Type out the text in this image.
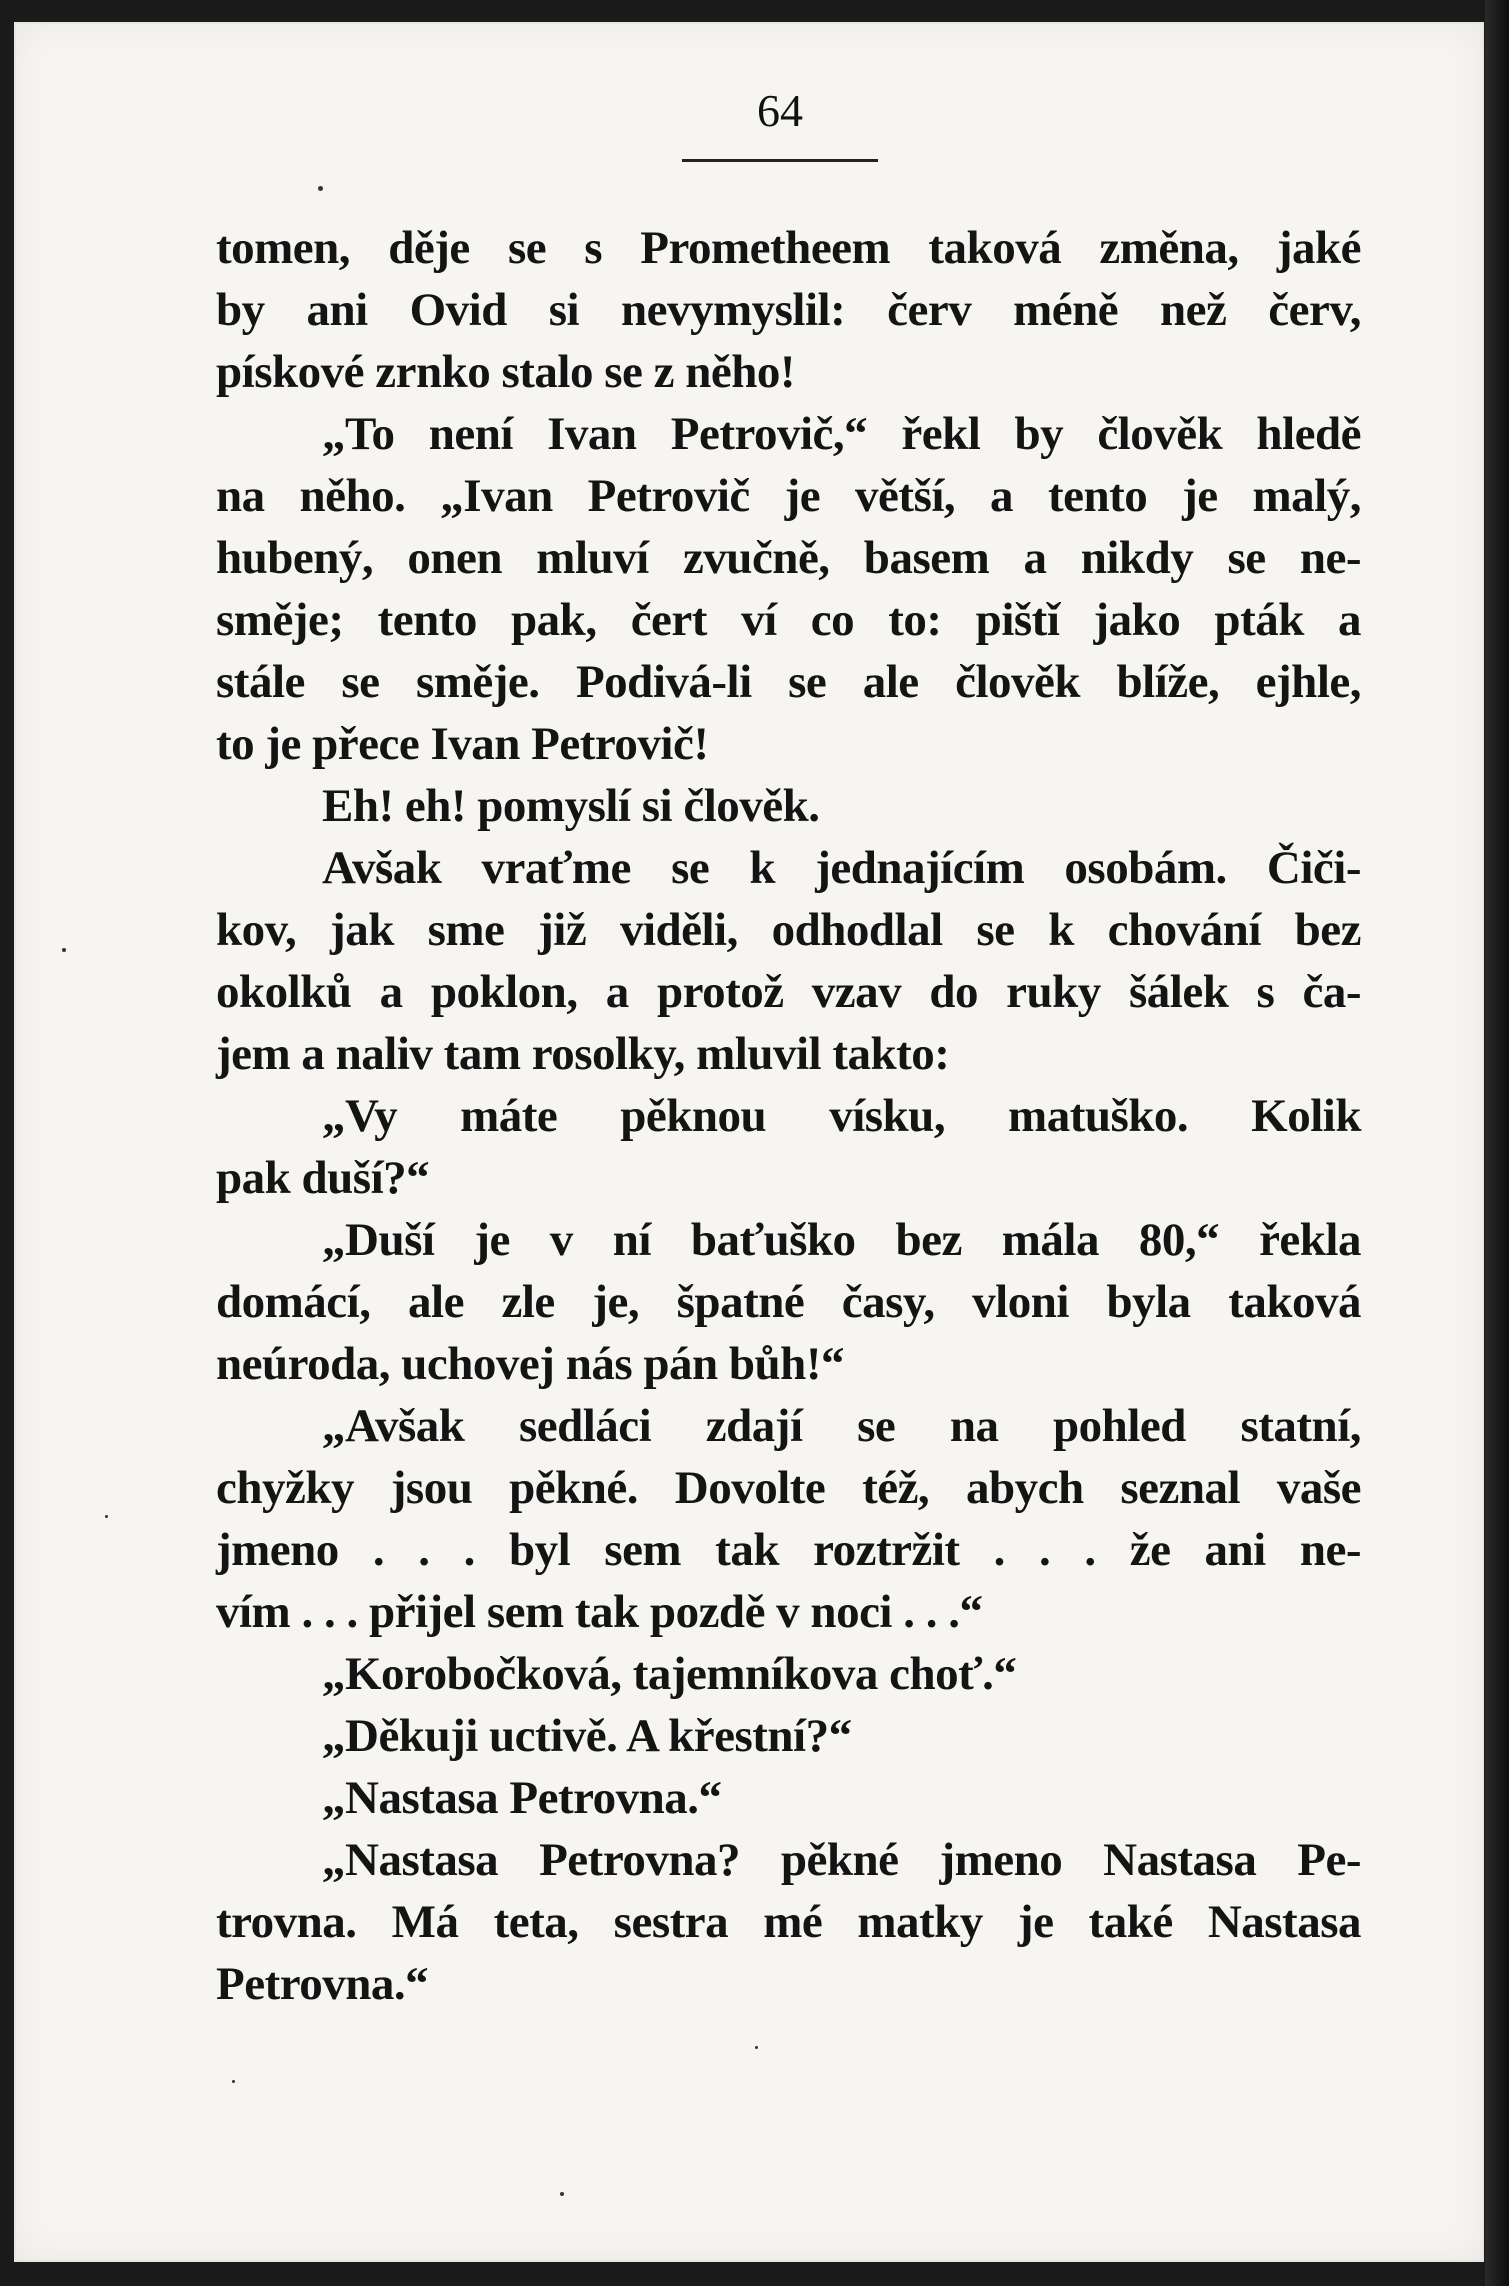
64
tomen, děje se s Prometheem taková změna, jaké
by ani Ovid si nevymyslil: červ méně než červ,
pískové zrnko stalo se z něho!
„To není Ivan Petrovič,“ řekl by člověk hledě
na něho. „Ivan Petrovič je větší, a tento je malý,
hubený, onen mluví zvučně, basem a nikdy se ne-
směje; tento pak, čert ví co to: pištǐ jako pták a
stále se směje. Podivá-li se ale člověk blíže, ejhle,
to je přece Ivan Petrovič!
Eh! eh! pomyslí si člověk.
Avšak vraťme se k jednajícím osobám. Čiči-
kov, jak sme již viděli, odhodlal se k chování bez
okolků a poklon, a protož vzav do ruky šálek s ča-
jem a naliv tam rosolky, mluvil takto:
„Vy máte pěknou vísku, matuško. Kolik
pak duší?“
„Duší je v ní baťuško bez mála 80,“ řekla
domácí, ale zle je, špatné časy, vloni byla taková
neúroda, uchovej nás pán bůh!“
„Avšak sedláci zdají se na pohled statní,
chyžky jsou pěkné. Dovolte též, abych seznal vaše
jmeno . . . byl sem tak roztržit . . . že ani ne-
vím . . . přijel sem tak pozdě v noci . . .“
„Korobočková, tajemníkova choť.“
„Děkuji uctivě. A křestní?“
„Nastasa Petrovna.“
„Nastasa Petrovna? pěkné jmeno Nastasa Pe-
trovna. Má teta, sestra mé matky je také Nastasa
Petrovna.“
